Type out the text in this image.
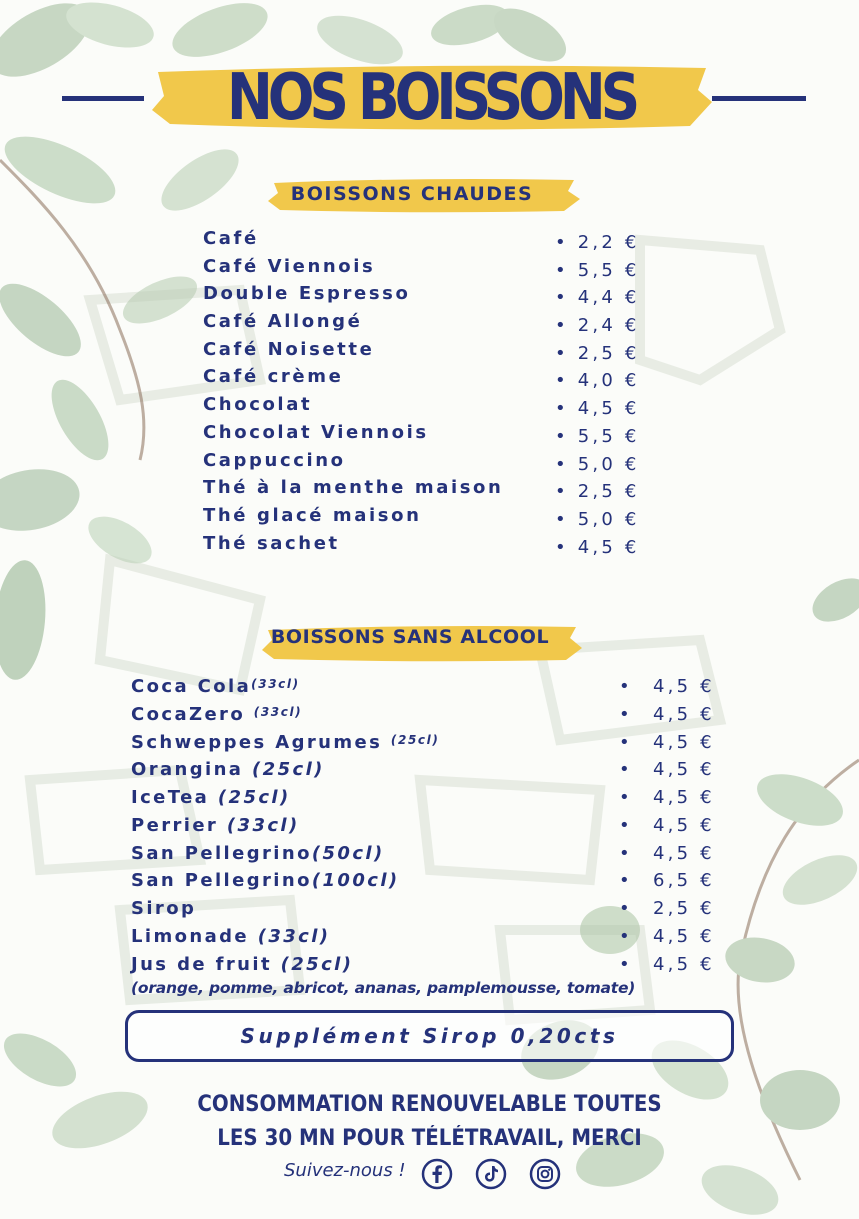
NOS BOISSONS
BOISSONS CHAUDES
Café	• 2,2 €
Café Viennois	• 5,5 €
Double Espresso	• 4,4 €
Café Allongé	• 2,4 €
Café Noisette	• 2,5 €
Café crème	• 4,0 €
Chocolat	• 4,5 €
Chocolat Viennois	• 5,5 €
Cappuccino	• 5,0 €
Thé à la menthe maison	• 2,5 €
Thé glacé maison	• 5,0 €
Thé sachet	• 4,5 €
BOISSONS SANS ALCOOL
Coca Cola$^{(33cl)}$	• 4,5 €
CocaZero $^{(33cl)}$	• 4,5 €
Schweppes Agrumes $^{(25cl)}$	• 4,5 €
Orangina (25cl)	• 4,5 €
IceTea (25cl)	• 4,5 €
Perrier (33cl)	• 4,5 €
San Pellegrino(50cl)	• 4,5 €
San Pellegrino(100cl)	• 6,5 €
Sirop	• 2,5 €
Limonade (33cl)	• 4,5 €
Jus de fruit (25cl)	• 4,5 €
(orange, pomme, abricot, ananas, pamplemousse, tomate)
Supplément Sirop 0,20cts
CONSOMMATION RENOUVELABLE TOUTES
LES 30 MN POUR TÉLÉTRAVAIL, MERCI
Suivez-nous !
